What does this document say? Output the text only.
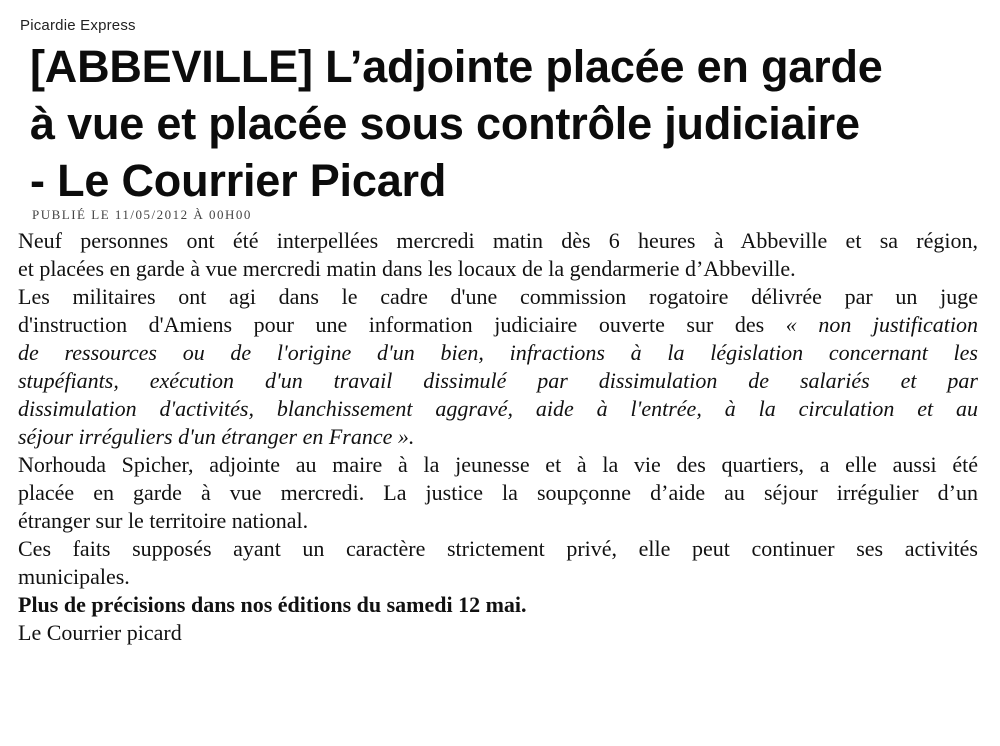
Picardie Express
[ABBEVILLE] L’adjointe placée en garde
à vue et placée sous contrôle judiciaire
- Le Courrier Picard
PUBLIÉ LE 11/05/2012 À 00H00

Neuf personnes ont été interpellées mercredi matin dès 6 heures à Abbeville et sa région,
et placées en garde à vue mercredi matin dans les locaux de la gendarmerie d’Abbeville.

Les militaires ont agi dans le cadre d'une commission rogatoire délivrée par un juge
d'instruction d'Amiens pour une information judiciaire ouverte sur des « non justification
de ressources ou de l'origine d'un bien, infractions à la législation concernant les
stupéfiants, exécution d'un travail dissimulé par dissimulation de salariés et par
dissimulation d'activités, blanchissement aggravé, aide à l'entrée, à la circulation et au
séjour irréguliers d'un étranger en France ».

Norhouda Spicher, adjointe au maire à la jeunesse et à la vie des quartiers, a elle aussi été
placée en garde à vue mercredi. La justice la soupçonne d’aide au séjour irrégulier d’un
étranger sur le territoire national.

Ces faits supposés ayant un caractère strictement privé, elle peut continuer ses activités
municipales.

Plus de précisions dans nos éditions du samedi 12 mai.

Le Courrier picard
